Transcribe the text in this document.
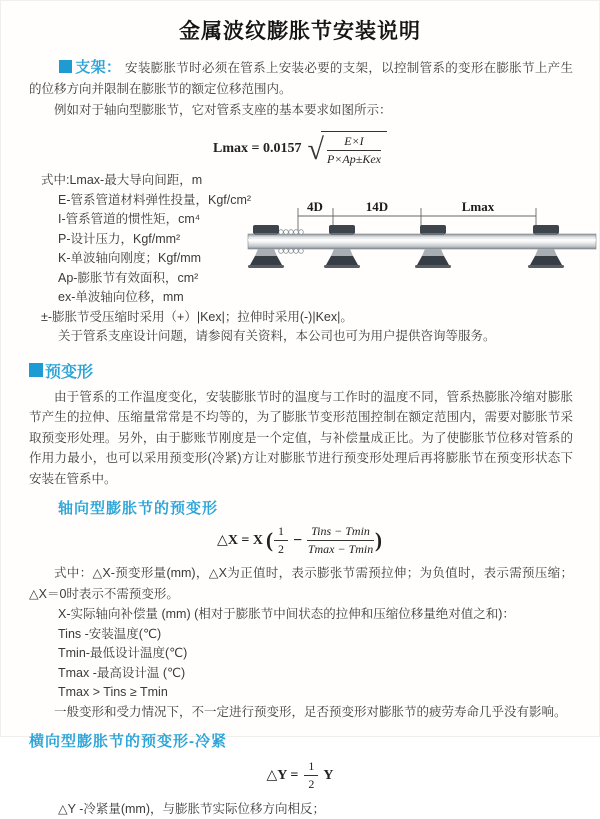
金属波纹膨胀节安装说明

支架： 安装膨胀节时必须在管系上安装必要的支架，以控制管系的变形在膨胀节上产生的位移方向并限制在膨胀节的额定位移范围内。

例如对于轴向型膨胀节，它对管系支座的基本要求如图所示：

Lmax = 0.0157 √ $\frac{E\times I}{\text{P×Ap±Kex}}$
式中:Lmax-最大导向间距，m
E-管系管道材料弹性投量，Kgf/cm²
I-管系管道的惯性矩，cm⁴
P-设计压力，Kgf/mm²
K-单波轴向刚度；Kgf/mm
Ap-膨胀节有效面积，cm²
ex-单波轴向位移，mm
±-膨胀节受压缩时采用（+）|Kex|；拉伸时采用(-)|Kex|。
关于管系支座设计问题，请参阅有关资料，本公司也可为用户提供咨询等服务。
4D	14D	Lmax
预变形

由于管系的工作温度变化，安装膨胀节时的温度与工作时的温度不同，管系热膨胀冷缩对膨胀节产生的拉伸、压缩量常常是不均等的，为了膨胀节变形范围控制在额定范围内，需要对膨胀节采取预变形处理。另外，由于膨账节刚度是一个定值，与补偿量成正比。为了使膨胀节位移对管系的作用力最小，也可以采用预变形(冷紧)方让对膨胀节进行预变形处理后再将膨胀节在预变形状态下安装在管系中。

轴向型膨胀节的预变形
△X = X ( $\frac{1}{2} - \frac{\text{Tins − Tmin}}{Tmax - Tmin}$ )

式中：△X-预变形量(mm)，△X为正值时，表示膨张节需预拉伸；为负值时，表示需预压缩；△X＝0时表示不需预变形。

X-实际轴向补偿量 (mm) (相对于膨胀节中间状态的拉伸和压缩位移量绝对值之和)：
Tins -安装温度(℃)
Tmin-最低设计温度(℃)
Tmax -最高设计温 (℃)
Tmax > Tins ≥ Tmin
一般变形和受力情况下，不一定进行预变形，足否预变形对膨胀节的疲劳寿命几乎没有影响。
横向型膨胀节的预变形-冷紧
△Y = $\frac{1}{2}$ Y
△Y -冷紧量(mm)，与膨胀节实际位移方向相反；
